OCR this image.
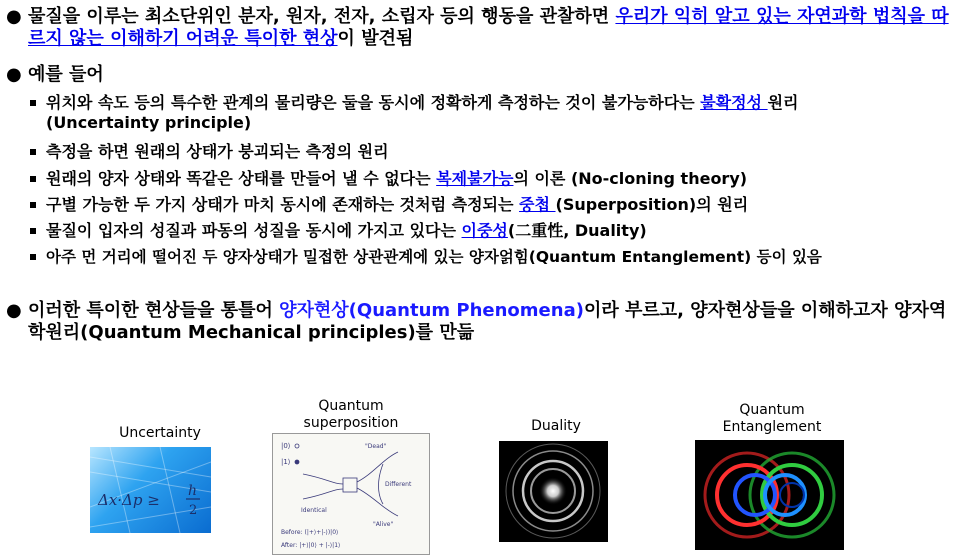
● 물질을 이루는 최소단위인 분자, 원자, 전자, 소립자 등의 행동을 관찰하면 우리가 익히 알고 있는 자연과학 법칙을 따르지 않는 이해하기 어려운 특이한 현상이 발견됨
● 예를 들어
위치와 속도 등의 특수한 관계의 물리량은 둘을 동시에 정확하게 측정하는 것이 불가능하다는 불확정성 원리
(Uncertainty principle)
측정을 하면 원래의 상태가 붕괴되는 측정의 원리
원래의 양자 상태와 똑같은 상태를 만들어 낼 수 없다는 복제불가능의 이론 (No-cloning theory)
구별 가능한 두 가지 상태가 마치 동시에 존재하는 것처럼 측정되는 중첩 (Superposition)의 원리
물질이 입자의 성질과 파동의 성질을 동시에 가지고 있다는 이중성(二重性, Duality)
아주 먼 거리에 떨어진 두 양자상태가 밀접한 상관관계에 있는 양자얽힘(Quantum Entanglement) 등이 있음
● 이러한 특이한 현상들을 통틀어 양자현상(Quantum Phenomena)이라 부르고, 양자현상들을 이해하고자 양자역학원리(Quantum Mechanical principles)를 만듦
Uncertainty
Quantum superposition	Duality
Quantum Entanglement
Δx·Δp ≥ h
2
|0⟩
|1⟩
"Dead"
"Alive"
Different
Identical
Before: (|+⟩+|-⟩)|0⟩
After: |+⟩|0⟩ + |-⟩|1⟩
